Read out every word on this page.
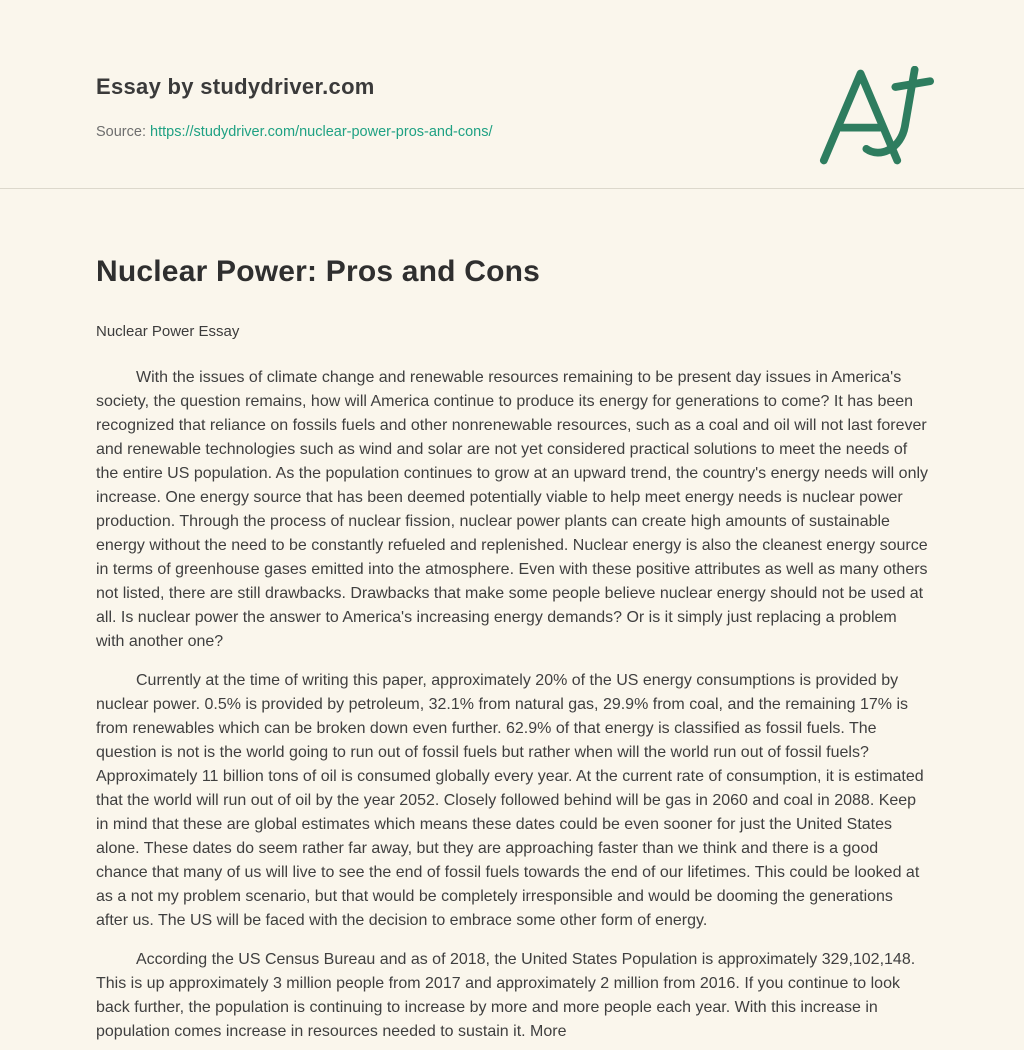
Essay by studydriver.com
Source: https://studydriver.com/nuclear-power-pros-and-cons/
Nuclear Power: Pros and Cons
Nuclear Power Essay

With the issues of climate change and renewable resources remaining to be present day issues in America's society, the question remains, how will America continue to produce its energy for generations to come? It has been recognized that reliance on fossils fuels and other nonrenewable resources, such as a coal and oil will not last forever and renewable technologies such as wind and solar are not yet considered practical solutions to meet the needs of the entire US population. As the population continues to grow at an upward trend, the country's energy needs will only increase. One energy source that has been deemed potentially viable to help meet energy needs is nuclear power production. Through the process of nuclear fission, nuclear power plants can create high amounts of sustainable energy without the need to be constantly refueled and replenished. Nuclear energy is also the cleanest energy source in terms of greenhouse gases emitted into the atmosphere. Even with these positive attributes as well as many others not listed, there are still drawbacks. Drawbacks that make some people believe nuclear energy should not be used at all. Is nuclear power the answer to America's increasing energy demands? Or is it simply just replacing a problem with another one?

Currently at the time of writing this paper, approximately 20% of the US energy consumptions is provided by nuclear power. 0.5% is provided by petroleum, 32.1% from natural gas, 29.9% from coal, and the remaining 17% is from renewables which can be broken down even further. 62.9% of that energy is classified as fossil fuels. The question is not is the world going to run out of fossil fuels but rather when will the world run out of fossil fuels? Approximately 11 billion tons of oil is consumed globally every year. At the current rate of consumption, it is estimated that the world will run out of oil by the year 2052. Closely followed behind will be gas in 2060 and coal in 2088. Keep in mind that these are global estimates which means these dates could be even sooner for just the United States alone. These dates do seem rather far away, but they are approaching faster than we think and there is a good chance that many of us will live to see the end of fossil fuels towards the end of our lifetimes. This could be looked at as a not my problem scenario, but that would be completely irresponsible and would be dooming the generations after us. The US will be faced with the decision to embrace some other form of energy.

According the US Census Bureau and as of 2018, the United States Population is approximately 329,102,148. This is up approximately 3 million people from 2017 and approximately 2 million from 2016. If you continue to look back further, the population is continuing to increase by more and more people each year. With this increase in population comes increase in resources needed to sustain it. More
